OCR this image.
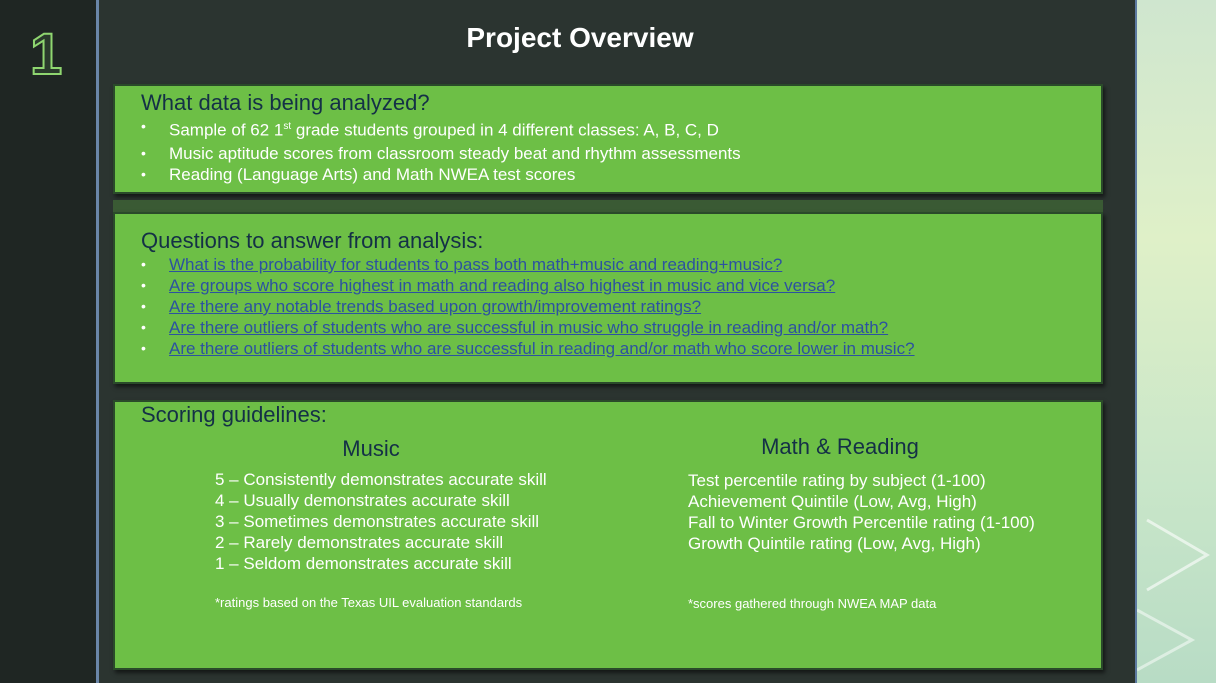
1	Project Overview
What data is being analyzed?
• Sample of 62 1st grade students grouped in 4 different classes: A, B, C, D
• Music aptitude scores from classroom steady beat and rhythm assessments
• Reading (Language Arts) and Math NWEA test scores
Questions to answer from analysis:
• What is the probability for students to pass both math+music and reading+music?
• Are groups who score highest in math and reading also highest in music and vice versa?
• Are there any notable trends based upon growth/improvement ratings?
• Are there outliers of students who are successful in music who struggle in reading and/or math?
• Are there outliers of students who are successful in reading and/or math who score lower in music?
Scoring guidelines:
Music
5 – Consistently demonstrates accurate skill
4 – Usually demonstrates accurate skill
3 – Sometimes demonstrates accurate skill
2 – Rarely demonstrates accurate skill
1 – Seldom demonstrates accurate skill
*ratings based on the Texas UIL evaluation standards
Math & Reading
Test percentile rating by subject (1-100)
Achievement Quintile (Low, Avg, High)
Fall to Winter Growth Percentile rating (1-100)
Growth Quintile rating (Low, Avg, High)
*scores gathered through NWEA MAP data
